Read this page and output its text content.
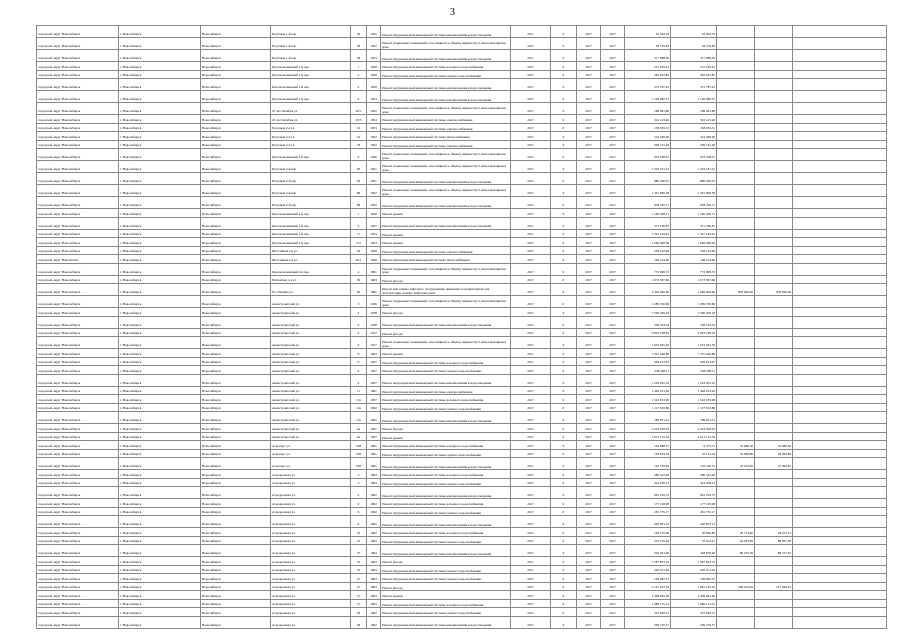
3
городской округ Новосибирск	г. Новосибирск	Новосибирск	Портовая 1-й пер.	26	1952	Ремонт внутридомовой инженерной системы канализования и водоотведения	2017	0	2017	2017	81 593,79	81 593,79			
городской округ Новосибирск	г. Новосибирск	Новосибирск	Портовая 1-й пер.	28	1952	Ремонт подвальных помещений, относящихся к общему имуществу в многоквартирном доме	2017	0	2017	2017	63 579,83	63 579,83			
городской округ Новосибирск	г. Новосибирск	Новосибирск	Портовая 1-й пер.	28	1953	Ремонт внутридомовой инженерной системы канализования и водоотведения	2017	0	2017	2017	317 988,56	317 988,56			
городской округ Новосибирск	г. Новосибирск	Новосибирск	Краснознаменный 1-й пер.	1	1958	Ремонт внутридомовой инженерной системы холодного водоснабжения	2017	0	2017	2017	257 029,41	257 029,41			
городской округ Новосибирск	г. Новосибирск	Новосибирск	Краснознаменный 1-й пер.	2	1958	Ремонт внутридомовой инженерной системы горячего водоснабжения	2017	0	2017	2017	382 032,85	382 032,85			
городской округ Новосибирск	г. Новосибирск	Новосибирск	Краснознаменный 1-й пер.	2	1958	Ремонт внутридомовой инженерной системы канализования и водоотведения	2017	0	2017	2017	372 787,43	372 787,43			
городской округ Новосибирск	г. Новосибирск	Новосибирск	Краснознаменный 1-й пер.	9	1954	Ремонт внутридомовой инженерной системы канализования и водоотведения	2017	0	2017	2017	1 199 980,57	1 199 980,57			
городской округ Новосибирск	г. Новосибирск	Новосибирск	25 лет Октября ул.	26/1	1952	Ремонт подвальных помещений, относящихся к общему имуществу в многоквартирном доме	2017	0	2017	2017	186 481,80	186 481,80			
городской округ Новосибирск	г. Новосибирск	Новосибирск	25 лет Октября ул.	23/3	1954	Ремонт внутридомовой инженерной системы электроснабжения	2017	0	2017	2017	322 413,46	322 413,46			
городской округ Новосибирск	г. Новосибирск	Новосибирск	Портовая 2-я ул.	16	1953	Ремонт внутридомовой инженерной системы электроснабжения	2017	0	2017	2017	158 959,51	158 959,51			
городской округ Новосибирск	г. Новосибирск	Новосибирск	Портовая 2-я ул.	16	1952	Ремонт внутридомовой инженерной системы теплоснабжения	2017	0	2017	2017	524 260,00	524 260,00			
городской округ Новосибирск	г. Новосибирск	Новосибирск	Портовая 2-я ул.	18	1952	Ремонт внутридомовой инженерной системы электроснабжения	2017	0	2017	2017	299 722,49	299 722,49			
городской округ Новосибирск	г. Новосибирск	Новосибирск	Краснознаменный 2-й пер.	6	1940	Ремонт подвальных помещений, относящихся к общему имуществу в многоквартирном доме	2017	0	2017	2017	953 708,47	953 708,47			
городской округ Новосибирск	г. Новосибирск	Новосибирск	Портовая 2-й пер.	83	1921	Ремонт подвальных помещений, относящихся к общему имуществу в многоквартирном доме	2017	0	2017	2017	1 204 181,01	1 204 181,01			
городской округ Новосибирск	г. Новосибирск	Новосибирск	Портовая 2-й пер.	83	1921	Ремонт внутридомовой инженерной системы канализования и водоотведения	2017	0	2017	2017	880 296,97	880 296,97			
городской округ Новосибирск	г. Новосибирск	Новосибирск	Портовая 2-й пер.	89	1952	Ремонт подвальных помещений, относящихся к общему имуществу в многоквартирном доме	2017	0	2017	2017	1 361 806,38	1 361 806,38			
городской округ Новосибирск	г. Новосибирск	Новосибирск	Портовая 2-й пер.	89	1952	Ремонт внутридомовой инженерной системы канализования и водоотведения	2017	0	2017	2017	938 226,71	938 226,71			
городской округ Новосибирск	г. Новосибирск	Новосибирск	Краснознаменный 2-й пер.	1	1958	Ремонт крыши	2017	0	2017	2017	1 160 508,71	1 160 508,71			
городской округ Новосибирск	г. Новосибирск	Новосибирск	Краснознаменный 1-й пер.	4	1957	Ремонт внутридомовой инженерной системы канализования и водоотведения	2017	0	2017	2017	371 769,87	371 769,87			
городской округ Новосибирск	г. Новосибирск	Новосибирск	Краснознаменный 1-й пер.	17	1954	Ремонт крыши	2017	0	2017	2017	1 347 184,61	1 347 184,61			
городской округ Новосибирск	г. Новосибирск	Новосибирск	Краснознаменный 2-й пер.	5/3	1954	Ремонт крыши	2017	0	2017	2017	1 066 468,39	1 066 468,39			
городской округ Новосибирск	г. Новосибирск	Новосибирск	Шоссейная 2-я ул.	29	1958	Ремонт внутридомовой инженерной системы электроснабжения	2017	0	2017	2017	238 102,99	238 102,99			
городской округ Новосibirsk	г. Новосибирск	Новосибирск	Шоссейная 2-я ул.	29/1	1958	Ремонт внутридомовой инженерной системы теплоснабжения	2017	0	2017	2017	166 414,60	166 414,60			
городской округ Новосибирск	г. Новосибирск	Новосибирск	Краснознаменный 2-й пер.	4	1991	Ремонт подвальных помещений, относящихся к общему имуществу в многоквартирном доме	2017	0	2017	2017	772 998,73	772 998,73			
городской округ Новосибирск	г. Новосибирск	Новосибирск	Пятилетки 1-я ул.	30	1963	Ремонт фасада	2017	0	2017	2017	1 673 397,66	1 673 397,66			
городской округ Новосибирск	г. Новосибирск	Новосибирск	8 го Ноября ул.	95	1981	Ремонт или замена лифтового оборудования, признанного непригодным для эксплуатации, ремонт лифтовых шахт	2017	0	2017	2017	3 320 000,00	1 660 000,00	830 000,00	830 000,00	
городской округ Новосибирск	г. Новосибирск	Новосибирск	Авиастроителей ул.	3	1936	Ремонт подвальных помещений, относящихся к общему имуществу в многоквартирном доме	2017	0	2017	2017	1 289 700,69	1 289 700,69			
городской округ Новосибирск	г. Новосибирск	Новосибирск	Авиастроителей ул.	4	1938	Ремонт фасада	2017	0	2017	2017	7 590 209,18	7 590 209,18			
городской округ Новосибирск	г. Новосибирск	Новосибирск	Авиастроителей ул.	4	1938	Ремонт внутридомовой инженерной системы канализования и водоотведения	2017	0	2017	2017	336 554,34	336 554,34			
городской округ Новосибирск	г. Новосибирск	Новосибирск	Авиастроителей ул.	6	1917	Ремонт фасада	2017	0	2017	2017	9 623 238,95	9 623 238,95			
городской округ Новосибирск	г. Новосибирск	Новосибирск	Авиастроителей ул.	6	1917	Ремонт подвальных помещений, относящихся к общему имуществу в многоквартирном доме	2017	0	2017	2017	1 633 945,56	1 633 945,56			
городской округ Новосибирск	г. Новосибирск	Новосибирск	Авиастроителей ул.	6	1963	Ремонт крыши	2017	0	2017	2017	7 357 446,86	7 357 446,86			
городской округ Новосибирск	г. Новосибирск	Новосибирск	Авиастроителей ул.	9	1957	Ремонт внутридомовой инженерной системы холодного водоснабжения	2017	0	2017	2017	509 913,07	509 913,07			
городской округ Новосибирск	г. Новосибирск	Новосибирск	Авиастроителей ул.	9	1957	Ремонт внутридомовой инженерной системы горячего водоснабжения	2017	0	2017	2017	338 268,11	338 268,11			
городской округ Новосибирск	г. Новосибирск	Новосибирск	Авиастроителей ул.	9	1957	Ремонт внутридомовой инженерной системы канализования и водоотведения	2017	0	2017	2017	1 204 052,10	1 204 052,10			
городской округ Новосибирск	г. Новосибирск	Новосибирск	Авиастроителей ул.	11	1961	Ремонт внутридомовой инженерной системы электроснабжения	2017	0	2017	2017	1 446 913,26	1 446 913,26			
городской округ Новосибирск	г. Новосибирск	Новосибирск	Авиастроителей ул.	13а	1957	Ремонт внутридомовой инженерной системы холодного водоснабжения	2017	0	2017	2017	1 543 033,99	1 543 033,99			
городской округ Новосибирск	г. Новосибирск	Новосибирск	Авиастроителей ул.	13а	1962	Ремонт внутридомовой инженерной системы горячего водоснабжения	2017	0	2017	2017	1 127 810,86	1 127 810,86			
городской округ Новосибирск	г. Новосибирск	Новосибирск	Авиастроителей ул.	13а	1962	Ремонт внутридомовой инженерной системы канализования и водоотведения	2017	0	2017	2017	189 951,21	189 951,21			
городской округ Новосибирск	г. Новосибирск	Новосибирск	Авиастроителей ул.	6а	1957	Ремонт фасада	2017	0	2017	2017	4 224 509,93	4 224 509,93			
городской округ Новосибирск	г. Новосибирск	Новосибирск	Авиастроителей ул.	6а	1957	Ремонт крыши	2017	0	2017	2017	4 013 125,34	4 013 125,34			
городской округ Новосибирск	г. Новосибирск	Новосибирск	Аэропорт ул.	188	1961	Ремонт внутридомовой инженерной системы холодного водоснабжения	2017	0	2017	2017	144 888,37	6 375,71	35 688,30	35 688,30	
городской округ Новосибирск	г. Новосибирск	Новосибирск	Аэропорт ул.	188	1961	Ремонт внутридомовой инженерной системы горячего водоснабжения	2017	0	2017	2017	158 624,34	53 112,24	35 968,86	29 993,86	
городской округ Новосибирск	г. Новосибирск	Новосибирск	Аэропорт ул.	188	1961	Ремонт внутридомовой инженерной системы канализования и водоотведения	2017	0	2017	2017	192 783,65	103 220,51	23 252,82	47 094,97	
городской округ Новосибирск	г. Новосибирск	Новосибирск	Аэродромная ул.	3	1964	Ремонт внутридомовой инженерной системы холодного водоснабжения	2017	0	2017	2017	280 322,46	280 322,46			
городской округ Новосибирск	г. Новосибирск	Новосибирск	Аэродромная ул.	3	1964	Ремонт внутридомовой инженерной системы горячего водоснабжения	2017	0	2017	2017	424 958,13	424 958,13			
городской округ Новосибирск	г. Новосибирск	Новосибирск	Аэродромная ул.	2	1962	Ремонт внутридомовой инженерной системы канализования и водоотведения	2017	0	2017	2017	661 259,75	661 259,75			
городской округ Новосибирск	г. Новосибирск	Новосибирск	Аэродромная ул.	6	1962	Ремонт внутридомовой инженерной системы холодного водоснабжения	2017	0	2017	2017	177 318,98	177 318,98			
городской округ Новосибирск	г. Новосибирск	Новосибирск	Аэродромная ул.	6	1962	Ремонт внутридомовой инженерной системы горячего водоснабжения	2017	0	2017	2017	281 735,17	281 735,17			
городской округ Новосибирск	г. Новосибирск	Новосибирск	Аэродромная ул.	6	1962	Ремонт внутридомовой инженерной системы канализования и водоотведения	2017	0	2017	2017	420 853,13	420 853,13			
городской округ Новосибирск	г. Новосибирск	Новосибирск	Аэродромная ул.	10	1962	Ремонт внутридомовой инженерной системы холодного водоснабжения	2017	0	2017	2017	149 755,60	50 830,80	29 774,40	29 475,31	
городской округ Новосибирск	г. Новосибирск	Новосибирск	Аэродромная ул.	10	1962	Ремонт внутридомовой инженерной системы горячего водоснабжения	2017	0	2017	2017	251 129,28	70 454,41	44 493,82	88 601,39	
городской округ Новосибирск	г. Новосибирск	Новосибирск	Аэродромная ул.	27	1964	Ремонт внутридомовой инженерной системы канализования и водоотведения	2017	0	2017	2017	502 491,90	348 878,46	86 195,39	88 417,02	
городской округ Новосибирск	г. Новосибирск	Новосибирск	Аэродромная ул.	25	1963	Ремонт фасада	2017	0	2017	2017	1 587 823,72	1 587 823,72			
городской округ Новосибирск	г. Новосибирск	Новосибирск	Аэродромная ул.	25	1963	Ремонт внутридомовой инженерной системы горячего водоснабжения	2017	0	2017	2017	220 351,62	220 351,62			
городской округ Новосибирск	г. Новосибирск	Новосибирск	Аэродромная ул.	27	1963	Ремонт внутридомовой инженерной системы горячего водоснабжения	2017	0	2017	2017	196 992,37	196 992,37			
городской округ Новосибирск	г. Новосибирск	Новосибирск	Аэродромная ул.	27	1963	Ремонт фасада	2017	0	2017	2017	2 147 023,53	1 881 165,32	238 019,49	277 848,22	
городской округ Новосибирск	г. Новосибирск	Новосибирск	Аэродромная ул.	27	1963	Ремонт крыши	2017	0	2017	2017	2 396 845,56	2 396 845,56			
городской округ Новосибирск	г. Новосибирск	Новосибирск	Аэродромная ул.	27	1963	Ремонт внутридомовой инженерной системы холодного водоснабжения	2017	0	2017	2017	1 086 155,12	1 086 155,12			
городской округ Новосибирск	г. Новосибирск	Новосибирск	Аэродромная ул.	29	1962	Ремонт внутридомовой инженерной системы горячего водоснабжения	2017	0	2017	2017	355 948,13	355 948,13			
городской округ Новосибирск	г. Новосибирск	Новосибирск	Аэродромная ул.	29	1962	Ремонт внутридомовой инженерной системы канализования и водоотведения	2017	0	2017	2017	509 270,57	509 270,57			
